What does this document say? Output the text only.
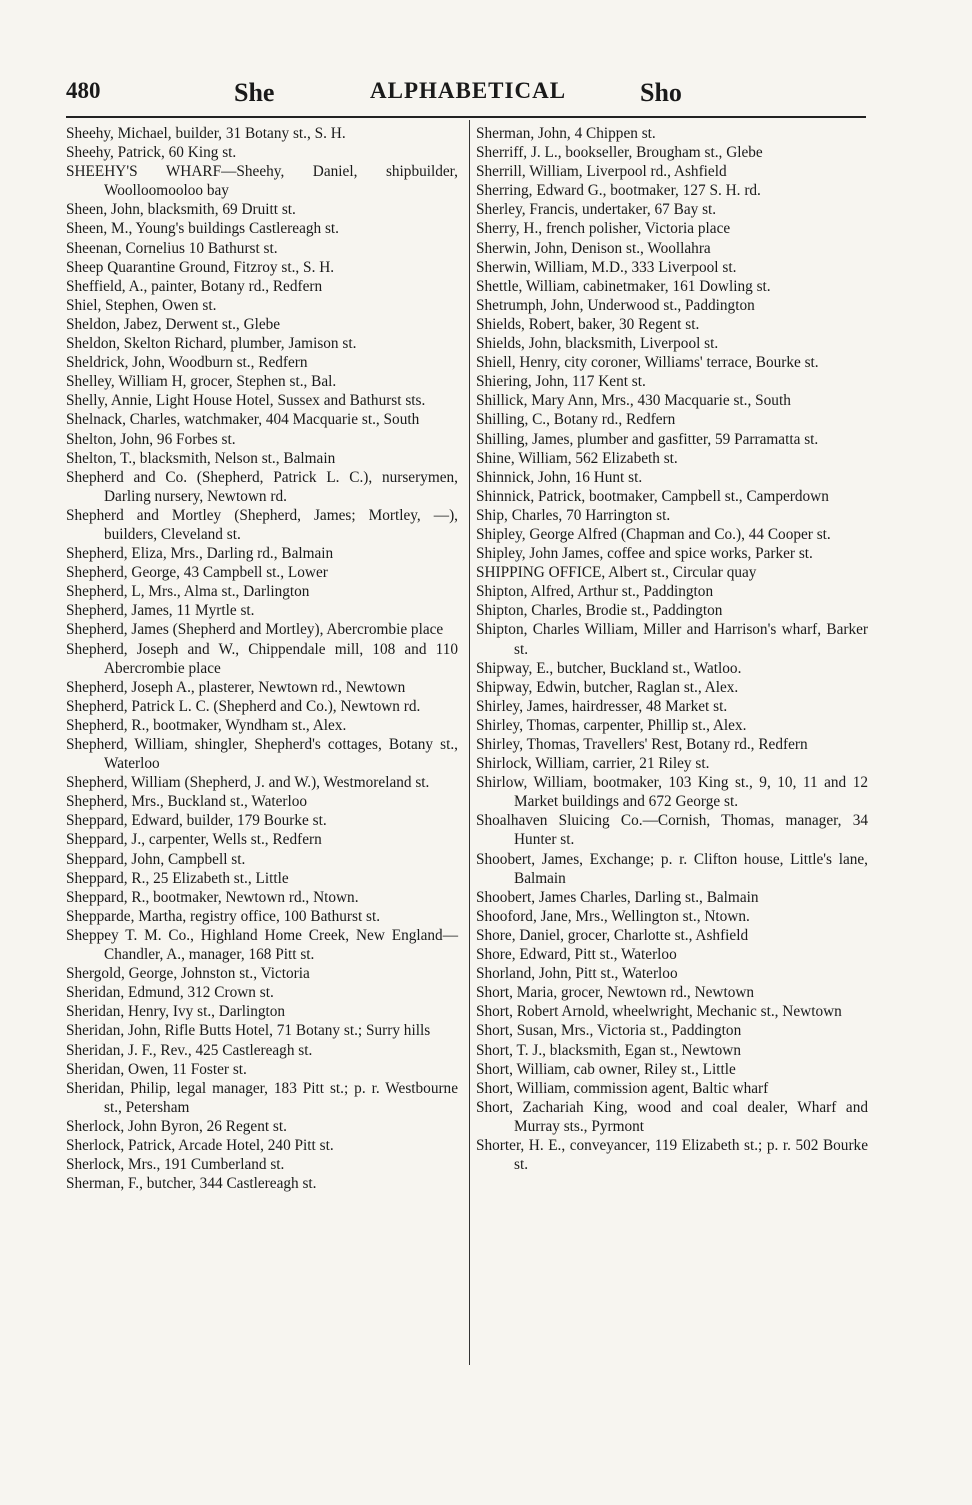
480	She	ALPHABETICAL	Sho
Sheehy, Michael, builder, 31 Botany st., S. H.
Sheehy, Patrick, 60 King st.
SHEEHY'S WHARF—Sheehy, Daniel, shipbuilder, Woolloomooloo bay
Sheen, John, blacksmith, 69 Druitt st.
Sheen, M., Young's buildings Castlereagh st.
Sheenan, Cornelius 10 Bathurst st.
Sheep Quarantine Ground, Fitzroy st., S. H.
Sheffield, A., painter, Botany rd., Redfern
Shiel, Stephen, Owen st.
Sheldon, Jabez, Derwent st., Glebe
Sheldon, Skelton Richard, plumber, Jamison st.
Sheldrick, John, Woodburn st., Redfern
Shelley, William H, grocer, Stephen st., Bal.
Shelly, Annie, Light House Hotel, Sussex and Bathurst sts.
Shelnack, Charles, watchmaker, 404 Macquarie st., South
Shelton, John, 96 Forbes st.
Shelton, T., blacksmith, Nelson st., Balmain
Shepherd and Co. (Shepherd, Patrick L. C.), nurserymen, Darling nursery, Newtown rd.
Shepherd and Mortley (Shepherd, James; Mortley, —), builders, Cleveland st.
Shepherd, Eliza, Mrs., Darling rd., Balmain
Shepherd, George, 43 Campbell st., Lower
Shepherd, L, Mrs., Alma st., Darlington
Shepherd, James, 11 Myrtle st.
Shepherd, James (Shepherd and Mortley), Abercrombie place
Shepherd, Joseph and W., Chippendale mill, 108 and 110 Abercrombie place
Shepherd, Joseph A., plasterer, Newtown rd., Newtown
Shepherd, Patrick L. C. (Shepherd and Co.), Newtown rd.
Shepherd, R., bootmaker, Wyndham st., Alex.
Shepherd, William, shingler, Shepherd's cottages, Botany st., Waterloo
Shepherd, William (Shepherd, J. and W.), Westmoreland st.
Shepherd, Mrs., Buckland st., Waterloo
Sheppard, Edward, builder, 179 Bourke st.
Sheppard, J., carpenter, Wells st., Redfern
Sheppard, John, Campbell st.
Sheppard, R., 25 Elizabeth st., Little
Sheppard, R., bootmaker, Newtown rd., Ntown.
Shepparde, Martha, registry office, 100 Bathurst st.
Sheppey T. M. Co., Highland Home Creek, New England—Chandler, A., manager, 168 Pitt st.
Shergold, George, Johnston st., Victoria
Sheridan, Edmund, 312 Crown st.
Sheridan, Henry, Ivy st., Darlington
Sheridan, John, Rifle Butts Hotel, 71 Botany st.; Surry hills
Sheridan, J. F., Rev., 425 Castlereagh st.
Sheridan, Owen, 11 Foster st.
Sheridan, Philip, legal manager, 183 Pitt st.; p. r. Westbourne st., Petersham
Sherlock, John Byron, 26 Regent st.
Sherlock, Patrick, Arcade Hotel, 240 Pitt st.
Sherlock, Mrs., 191 Cumberland st.
Sherman, F., butcher, 344 Castlereagh st.
Sherman, John, 4 Chippen st.
Sherriff, J. L., bookseller, Brougham st., Glebe
Sherrill, William, Liverpool rd., Ashfield
Sherring, Edward G., bootmaker, 127 S. H. rd.
Sherley, Francis, undertaker, 67 Bay st.
Sherry, H., french polisher, Victoria place
Sherwin, John, Denison st., Woollahra
Sherwin, William, M.D., 333 Liverpool st.
Shettle, William, cabinetmaker, 161 Dowling st.
Shetrumph, John, Underwood st., Paddington
Shields, Robert, baker, 30 Regent st.
Shields, John, blacksmith, Liverpool st.
Shiell, Henry, city coroner, Williams' terrace, Bourke st.
Shiering, John, 117 Kent st.
Shillick, Mary Ann, Mrs., 430 Macquarie st., South
Shilling, C., Botany rd., Redfern
Shilling, James, plumber and gasfitter, 59 Parramatta st.
Shine, William, 562 Elizabeth st.
Shinnick, John, 16 Hunt st.
Shinnick, Patrick, bootmaker, Campbell st., Camperdown
Ship, Charles, 70 Harrington st.
Shipley, George Alfred (Chapman and Co.), 44 Cooper st.
Shipley, John James, coffee and spice works, Parker st.
SHIPPING OFFICE, Albert st., Circular quay
Shipton, Alfred, Arthur st., Paddington
Shipton, Charles, Brodie st., Paddington
Shipton, Charles William, Miller and Harrison's wharf, Barker st.
Shipway, E., butcher, Buckland st., Watloo.
Shipway, Edwin, butcher, Raglan st., Alex.
Shirley, James, hairdresser, 48 Market st.
Shirley, Thomas, carpenter, Phillip st., Alex.
Shirley, Thomas, Travellers' Rest, Botany rd., Redfern
Shirlock, William, carrier, 21 Riley st.
Shirlow, William, bootmaker, 103 King st., 9, 10, 11 and 12 Market buildings and 672 George st.
Shoalhaven Sluicing Co.—Cornish, Thomas, manager, 34 Hunter st.
Shoobert, James, Exchange; p. r. Clifton house, Little's lane, Balmain
Shoobert, James Charles, Darling st., Balmain
Shooford, Jane, Mrs., Wellington st., Ntown.
Shore, Daniel, grocer, Charlotte st., Ashfield
Shore, Edward, Pitt st., Waterloo
Shorland, John, Pitt st., Waterloo
Short, Maria, grocer, Newtown rd., Newtown
Short, Robert Arnold, wheelwright, Mechanic st., Newtown
Short, Susan, Mrs., Victoria st., Paddington
Short, T. J., blacksmith, Egan st., Newtown
Short, William, cab owner, Riley st., Little
Short, William, commission agent, Baltic wharf
Short, Zachariah King, wood and coal dealer, Wharf and Murray sts., Pyrmont
Shorter, H. E., conveyancer, 119 Elizabeth st.; p. r. 502 Bourke st.
